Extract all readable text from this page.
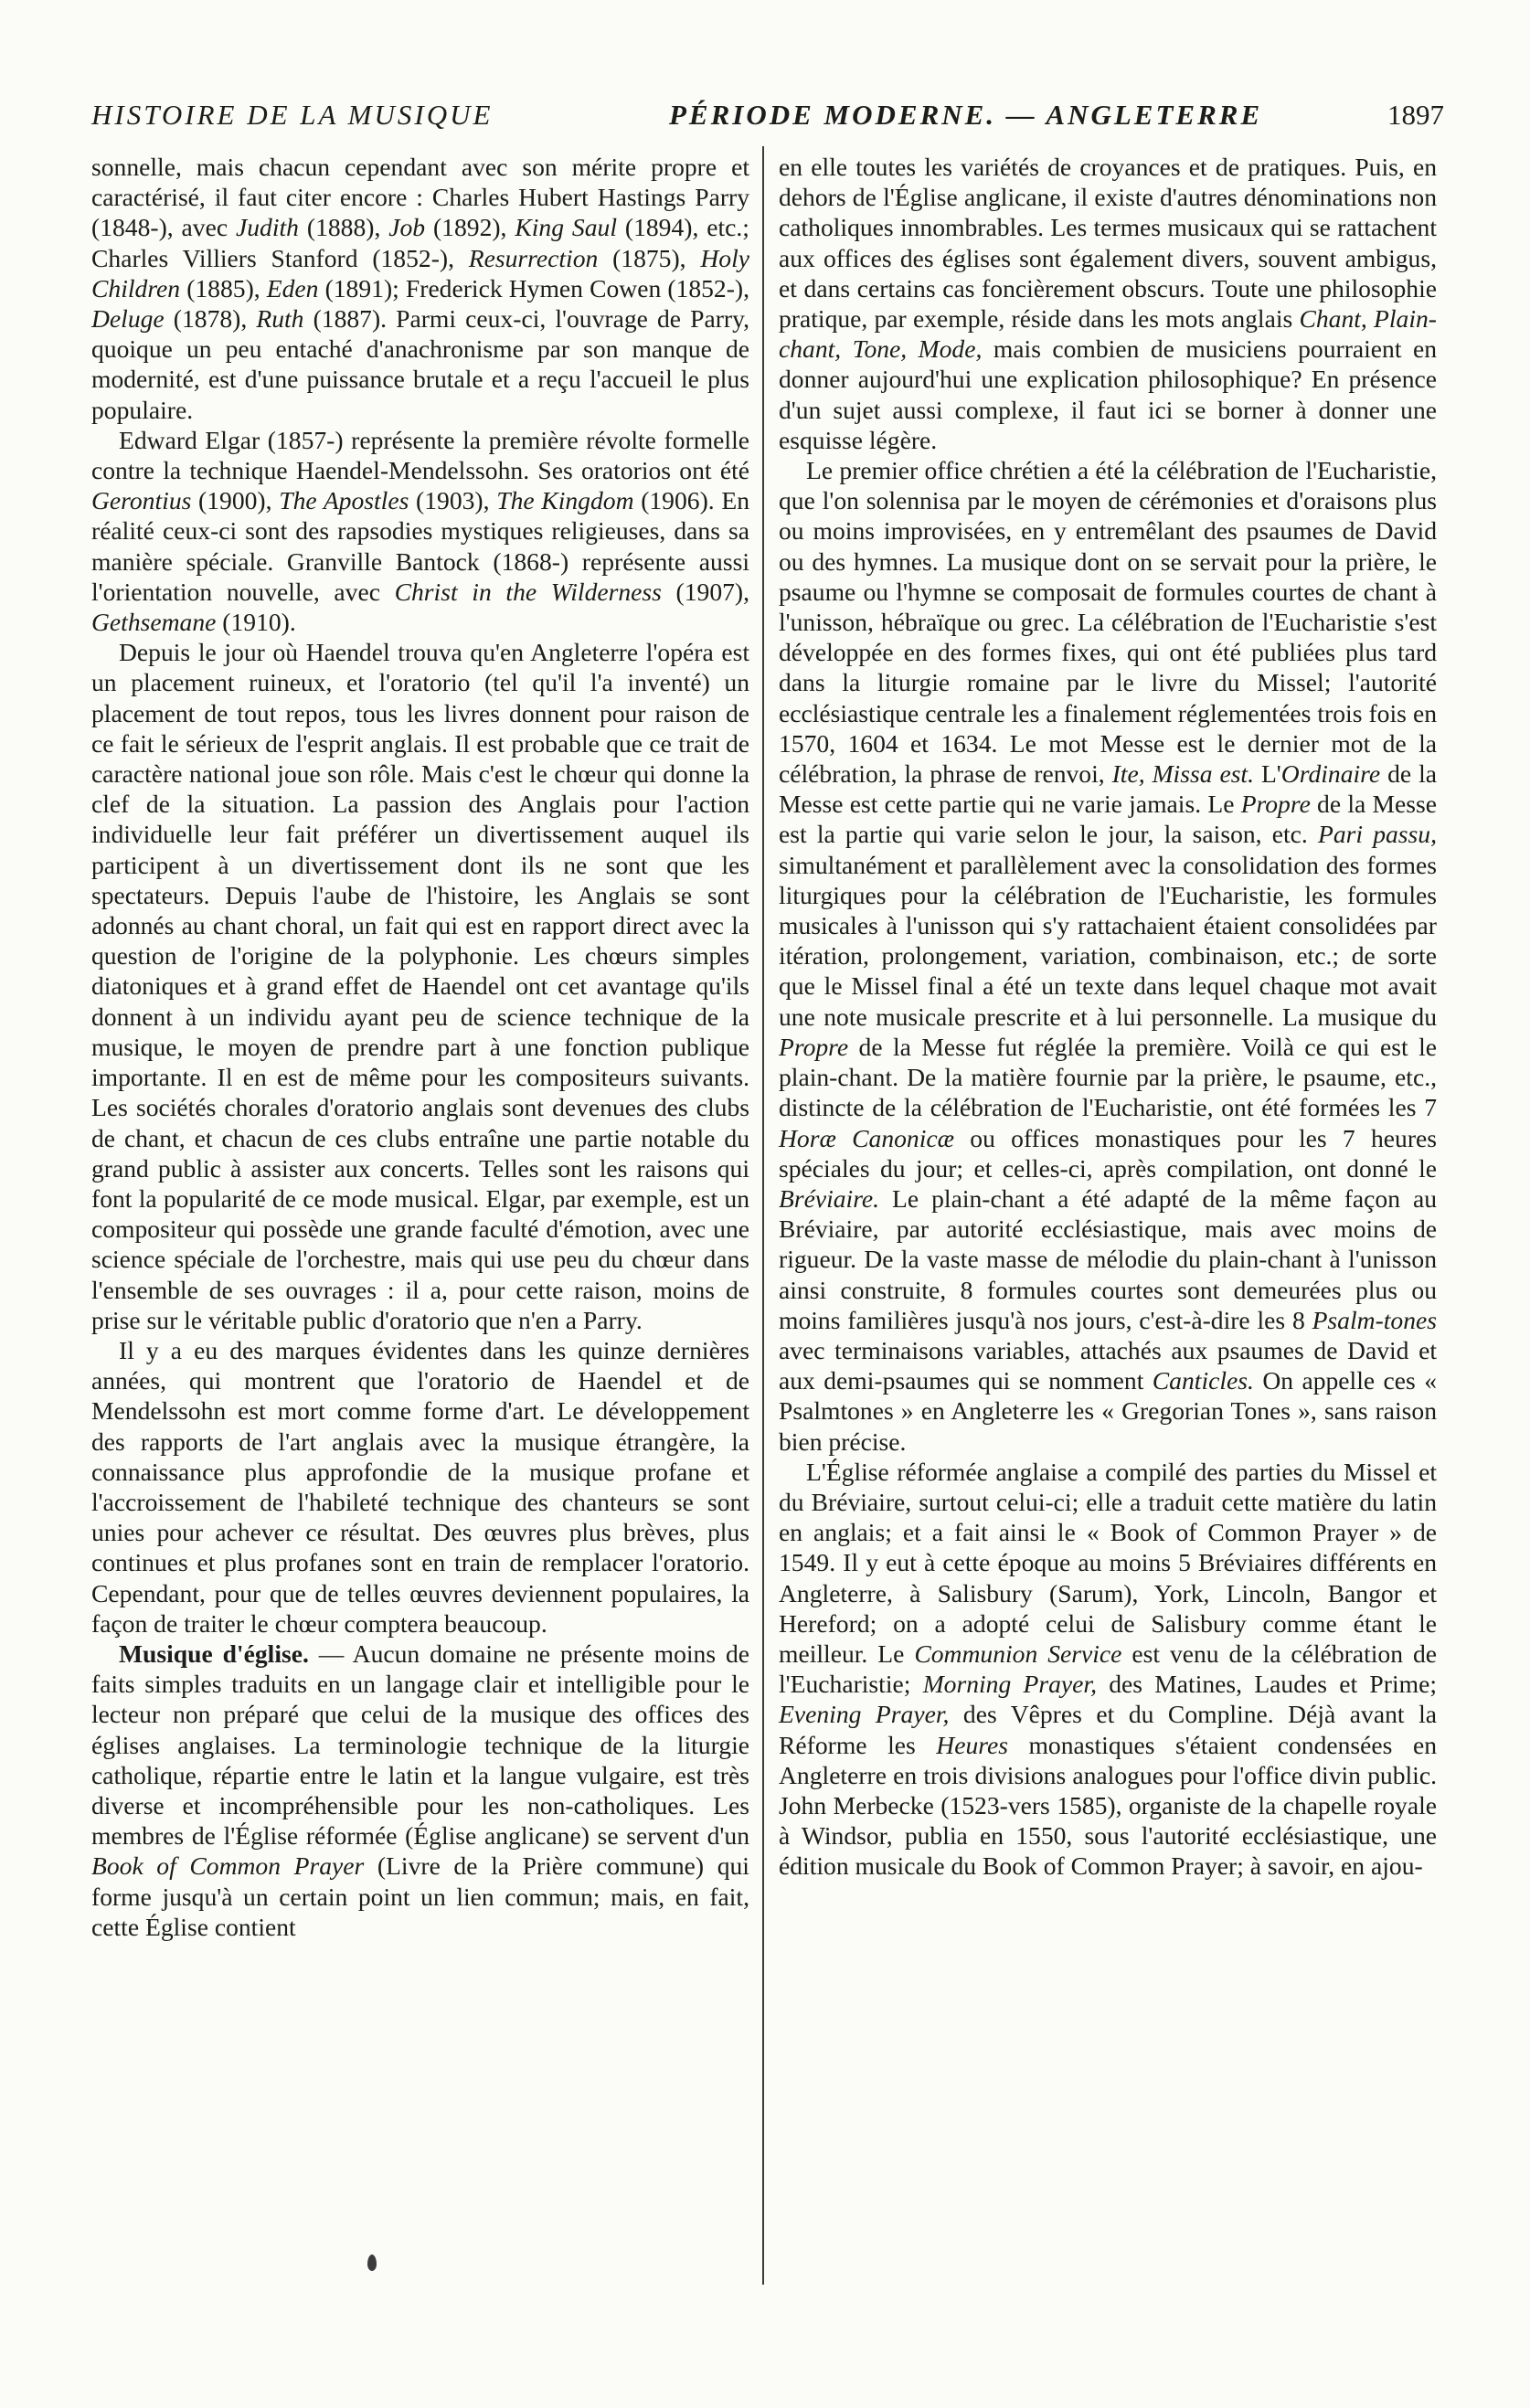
HISTOIRE DE LA MUSIQUE	PÉRIODE MODERNE. — ANGLETERRE	1897

sonnelle, mais chacun cependant avec son mérite propre et caractérisé, il faut citer encore : Charles Hubert Hastings Parry (1848-), avec Judith (1888), Job (1892), King Saul (1894), etc.; Charles Villiers Stanford (1852-), Resurrection (1875), Holy Children (1885), Eden (1891); Frederick Hymen Cowen (1852-), Deluge (1878), Ruth (1887). Parmi ceux-ci, l'ouvrage de Parry, quoique un peu entaché d'anachronisme par son manque de modernité, est d'une puissance brutale et a reçu l'accueil le plus populaire.

Edward Elgar (1857-) représente la première révolte formelle contre la technique Haendel-Mendelssohn. Ses oratorios ont été Gerontius (1900), The Apostles (1903), The Kingdom (1906). En réalité ceux-ci sont des rapsodies mystiques religieuses, dans sa manière spéciale. Granville Bantock (1868-) représente aussi l'orientation nouvelle, avec Christ in the Wilderness (1907), Gethsemane (1910).

Depuis le jour où Haendel trouva qu'en Angleterre l'opéra est un placement ruineux, et l'oratorio (tel qu'il l'a inventé) un placement de tout repos, tous les livres donnent pour raison de ce fait le sérieux de l'esprit anglais. Il est probable que ce trait de caractère national joue son rôle. Mais c'est le chœur qui donne la clef de la situation. La passion des Anglais pour l'action individuelle leur fait préférer un divertissement auquel ils participent à un divertissement dont ils ne sont que les spectateurs. Depuis l'aube de l'histoire, les Anglais se sont adonnés au chant choral, un fait qui est en rapport direct avec la question de l'origine de la polyphonie. Les chœurs simples diatoniques et à grand effet de Haendel ont cet avantage qu'ils donnent à un individu ayant peu de science technique de la musique, le moyen de prendre part à une fonction publique importante. Il en est de même pour les compositeurs suivants. Les sociétés chorales d'oratorio anglais sont devenues des clubs de chant, et chacun de ces clubs entraîne une partie notable du grand public à assister aux concerts. Telles sont les raisons qui font la popularité de ce mode musical. Elgar, par exemple, est un compositeur qui possède une grande faculté d'émotion, avec une science spéciale de l'orchestre, mais qui use peu du chœur dans l'ensemble de ses ouvrages : il a, pour cette raison, moins de prise sur le véritable public d'oratorio que n'en a Parry.

Il y a eu des marques évidentes dans les quinze dernières années, qui montrent que l'oratorio de Haendel et de Mendelssohn est mort comme forme d'art. Le développement des rapports de l'art anglais avec la musique étrangère, la connaissance plus approfondie de la musique profane et l'accroissement de l'habileté technique des chanteurs se sont unies pour achever ce résultat. Des œuvres plus brèves, plus continues et plus profanes sont en train de remplacer l'oratorio. Cependant, pour que de telles œuvres deviennent populaires, la façon de traiter le chœur comptera beaucoup.

Musique d'église. — Aucun domaine ne présente moins de faits simples traduits en un langage clair et intelligible pour le lecteur non préparé que celui de la musique des offices des églises anglaises. La terminologie technique de la liturgie catholique, répartie entre le latin et la langue vulgaire, est très diverse et incompréhensible pour les non-catholiques. Les membres de l'Église réformée (Église anglicane) se servent d'un Book of Common Prayer (Livre de la Prière commune) qui forme jusqu'à un certain point un lien commun; mais, en fait, cette Église contient

en elle toutes les variétés de croyances et de pratiques. Puis, en dehors de l'Église anglicane, il existe d'autres dénominations non catholiques innombrables. Les termes musicaux qui se rattachent aux offices des églises sont également divers, souvent ambigus, et dans certains cas foncièrement obscurs. Toute une philosophie pratique, par exemple, réside dans les mots anglais Chant, Plain-chant, Tone, Mode, mais combien de musiciens pourraient en donner aujourd'hui une explication philosophique? En présence d'un sujet aussi complexe, il faut ici se borner à donner une esquisse légère.

Le premier office chrétien a été la célébration de l'Eucharistie, que l'on solennisa par le moyen de cérémonies et d'oraisons plus ou moins improvisées, en y entremêlant des psaumes de David ou des hymnes. La musique dont on se servait pour la prière, le psaume ou l'hymne se composait de formules courtes de chant à l'unisson, hébraïque ou grec. La célébration de l'Eucharistie s'est développée en des formes fixes, qui ont été publiées plus tard dans la liturgie romaine par le livre du Missel; l'autorité ecclésiastique centrale les a finalement réglementées trois fois en 1570, 1604 et 1634. Le mot Messe est le dernier mot de la célébration, la phrase de renvoi, Ite, Missa est. L'Ordinaire de la Messe est cette partie qui ne varie jamais. Le Propre de la Messe est la partie qui varie selon le jour, la saison, etc. Pari passu, simultanément et parallèlement avec la consolidation des formes liturgiques pour la célébration de l'Eucharistie, les formules musicales à l'unisson qui s'y rattachaient étaient consolidées par itération, prolongement, variation, combinaison, etc.; de sorte que le Missel final a été un texte dans lequel chaque mot avait une note musicale prescrite et à lui personnelle. La musique du Propre de la Messe fut réglée la première. Voilà ce qui est le plain-chant. De la matière fournie par la prière, le psaume, etc., distincte de la célébration de l'Eucharistie, ont été formées les 7 Horæ Canonicæ ou offices monastiques pour les 7 heures spéciales du jour; et celles-ci, après compilation, ont donné le Bréviaire. Le plain-chant a été adapté de la même façon au Bréviaire, par autorité ecclésiastique, mais avec moins de rigueur. De la vaste masse de mélodie du plain-chant à l'unisson ainsi construite, 8 formules courtes sont demeurées plus ou moins familières jusqu'à nos jours, c'est-à-dire les 8 Psalm-tones avec terminaisons variables, attachés aux psaumes de David et aux demi-psaumes qui se nomment Canticles. On appelle ces « Psalmtones » en Angleterre les « Gregorian Tones », sans raison bien précise.

L'Église réformée anglaise a compilé des parties du Missel et du Bréviaire, surtout celui-ci; elle a traduit cette matière du latin en anglais; et a fait ainsi le « Book of Common Prayer » de 1549. Il y eut à cette époque au moins 5 Bréviaires différents en Angleterre, à Salisbury (Sarum), York, Lincoln, Bangor et Hereford; on a adopté celui de Salisbury comme étant le meilleur. Le Communion Service est venu de la célébration de l'Eucharistie; Morning Prayer, des Matines, Laudes et Prime; Evening Prayer, des Vêpres et du Compline. Déjà avant la Réforme les Heures monastiques s'étaient condensées en Angleterre en trois divisions analogues pour l'office divin public. John Merbecke (1523-vers 1585), organiste de la chapelle royale à Windsor, publia en 1550, sous l'autorité ecclésiastique, une édition musicale du Book of Common Prayer; à savoir, en ajou-
